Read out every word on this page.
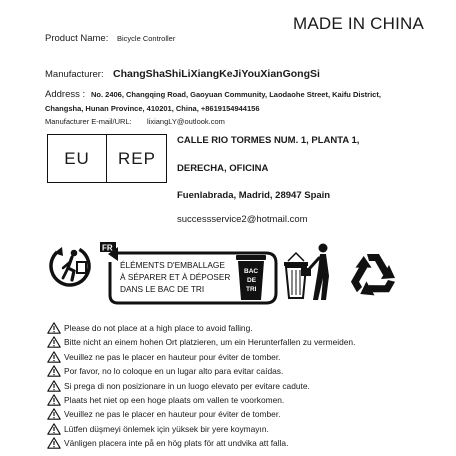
MADE IN CHINA
Product Name: Bicycle Controller
Manufacturer: ChangShaShiLiXiangKeJiYouXianGongSi
Address : No. 2406, Changqing Road, Gaoyuan Community, Laodaohe Street, Kaifu District,
Changsha, Hunan Province, 410201, China, +8619154944156
Manufacturer E-mail/URL: lixiangLY@outlook.com
EU	REP
CALLE RIO TORMES NUM. 1, PLANTA 1,
DERECHA, OFICINA
Fuenlabrada, Madrid, 28947 Spain
successservice2@hotmail.com
FR
ÉLÉMENTS D'EMBALLAGE
À SÉPARER ET À DÉPOSER
DANS LE BAC DE TRI
BAC
DE
TRI
Please do not place at a high place to avoid falling.
Bitte nicht an einem hohen Ort platzieren, um ein Herunterfallen zu vermeiden.
Veuillez ne pas le placer en hauteur pour éviter de tomber.
Por favor, no lo coloque en un lugar alto para evitar caídas.
Si prega di non posizionare in un luogo elevato per evitare cadute.
Plaats het niet op een hoge plaats om vallen te voorkomen.
Veuillez ne pas le placer en hauteur pour éviter de tomber.
Lütfen düşmeyi önlemek için yüksek bir yere koymayın.
Vänligen placera inte på en hög plats för att undvika att falla.
